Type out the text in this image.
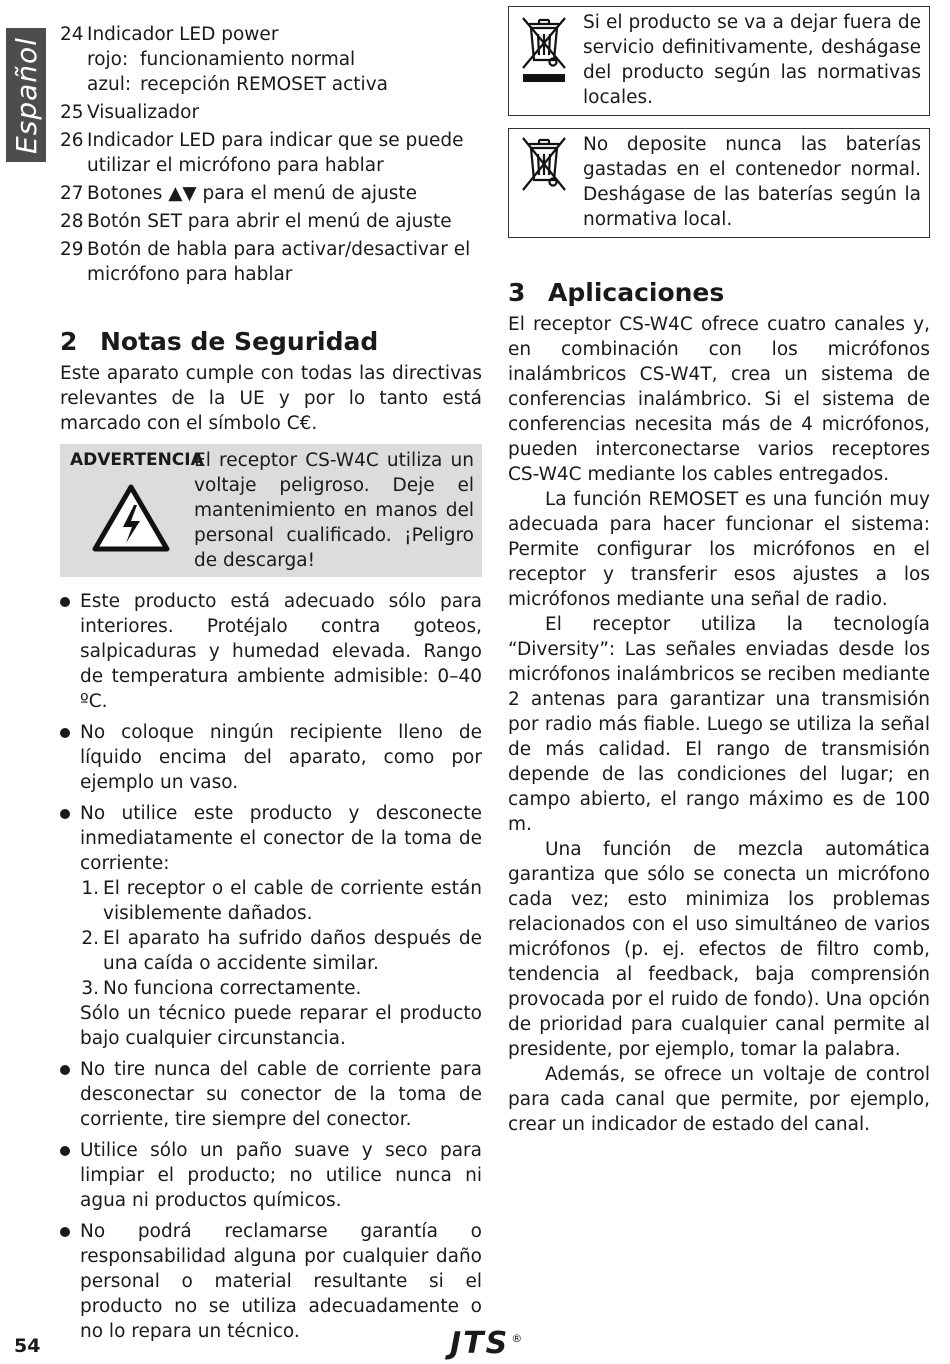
Español
24 Indicador LED power
rojo: funcionamiento normal
azul: recepción REMOSET activa
25 Visualizador
26 Indicador LED para indicar que se puede utilizar el micrófono para hablar
27 Botones ▲▼ para el menú de ajuste
28 Botón SET para abrir el menú de ajuste
29 Botón de habla para activar/desactivar el micrófono para hablar
2 Notas de Seguridad

Este aparato cumple con todas las directivas relevantes de la UE y por lo tanto está marcado con el símbolo C€.

ADVERTENCIA
El receptor CS-W4C utiliza un voltaje peligroso. Deje el mantenimiento en manos del personal cualificado. ¡Peligro de descarga!
Este producto está adecuado sólo para interiores. Protéjalo contra goteos, salpicaduras y humedad elevada. Rango de temperatura ambiente admisible: 0–40 ºC.
No coloque ningún recipiente lleno de líquido encima del aparato, como por ejemplo un vaso.
No utilice este producto y desconecte inmediatamente el conector de la toma de corriente:
1. El receptor o el cable de corriente están visiblemente dañados.
2. El aparato ha sufrido daños después de una caída o accidente similar.
3. No funciona correctamente.
Sólo un técnico puede reparar el producto bajo cualquier circunstancia.
No tire nunca del cable de corriente para desconectar su conector de la toma de corriente, tire siempre del conector.
Utilice sólo un paño suave y seco para limpiar el producto; no utilice nunca ni agua ni productos químicos.
No podrá reclamarse garantía o responsabilidad alguna por cualquier daño personal o material resultante si el producto no se utiliza adecuadamente o no lo repara un técnico.
Si el producto se va a dejar fuera de servicio definitivamente, deshágase del producto según las normativas locales.
No deposite nunca las baterías gastadas en el contenedor normal. Deshágase de las baterías según la normativa local.
3 Aplicaciones

El receptor CS-W4C ofrece cuatro canales y, en combinación con los micrófonos inalámbricos CS-W4T, crea un sistema de conferencias inalámbrico. Si el sistema de conferencias necesita más de 4 micrófonos, pueden interconectarse varios receptores CS-W4C mediante los cables entregados.

La función REMOSET es una función muy adecuada para hacer funcionar el sistema: Permite configurar los micrófonos en el receptor y transferir esos ajustes a los micrófonos mediante una señal de radio.

El receptor utiliza la tecnología “Diversity”: Las señales enviadas desde los micrófonos inalámbricos se reciben mediante 2 antenas para garantizar una transmisión por radio más fiable. Luego se utiliza la señal de más calidad. El rango de transmisión depende de las condiciones del lugar; en campo abierto, el rango máximo es de 100 m.

Una función de mezcla automática garantiza que sólo se conecta un micrófono cada vez; esto minimiza los problemas relacionados con el uso simultáneo de varios micrófonos (p. ej. efectos de filtro comb, tendencia al feedback, baja comprensión provocada por el ruido de fondo). Una opción de prioridad para cualquier canal permite al presidente, por ejemplo, tomar la palabra.

Además, se ofrece un voltaje de control para cada canal que permite, por ejemplo, crear un indicador de estado del canal.

54	JTS ®
